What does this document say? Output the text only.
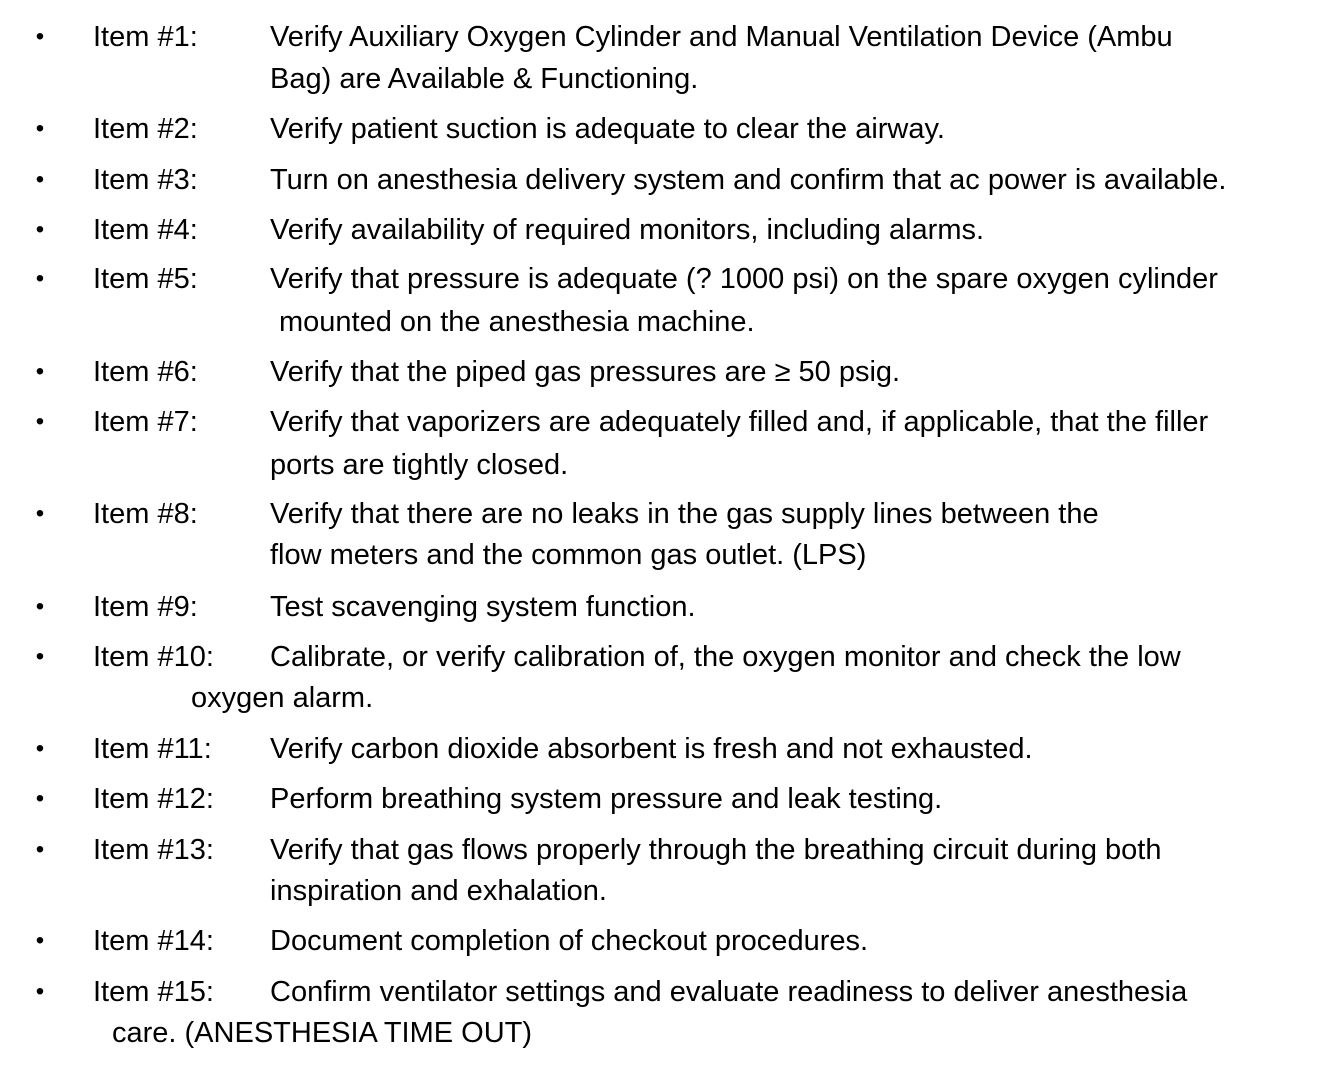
• Item #1: Verify Auxiliary Oxygen Cylinder and Manual Ventilation Device (Ambu
Bag) are Available & Functioning.
• Item #2: Verify patient suction is adequate to clear the airway.
• Item #3: Turn on anesthesia delivery system and confirm that ac power is available.
• Item #4: Verify availability of required monitors, including alarms.
• Item #5: Verify that pressure is adequate (? 1000 psi) on the spare oxygen cylinder
mounted on the anesthesia machine.
• Item #6: Verify that the piped gas pressures are ≥ 50 psig.
• Item #7: Verify that vaporizers are adequately filled and, if applicable, that the filler
ports are tightly closed.
• Item #8: Verify that there are no leaks in the gas supply lines between the
flow meters and the common gas outlet. (LPS)
• Item #9: Test scavenging system function.
• Item #10: Calibrate, or verify calibration of, the oxygen monitor and check the low
oxygen alarm.
• Item #11: Verify carbon dioxide absorbent is fresh and not exhausted.
• Item #12: Perform breathing system pressure and leak testing.
• Item #13: Verify that gas flows properly through the breathing circuit during both
inspiration and exhalation.
• Item #14: Document completion of checkout procedures.
• Item #15: Confirm ventilator settings and evaluate readiness to deliver anesthesia
care. (ANESTHESIA TIME OUT)
